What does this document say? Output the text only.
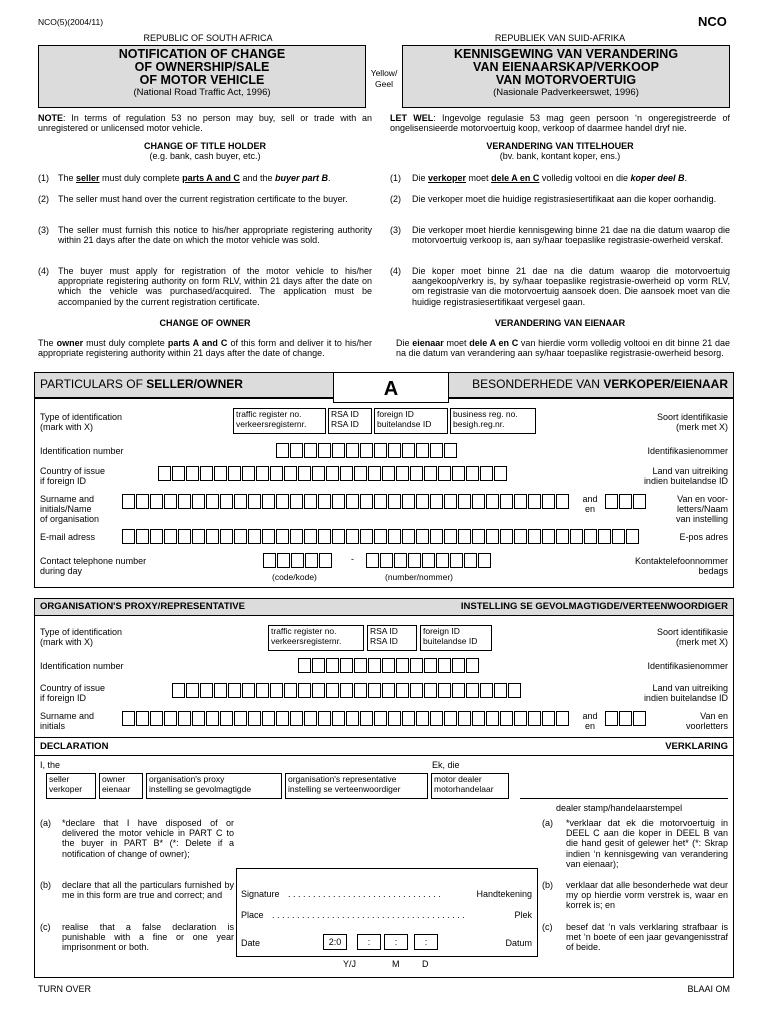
NCO(5)(2004/11)	NCO
REPUBLIC OF SOUTH AFRICA	REPUBLIEK VAN SUID-AFRIKA
NOTIFICATION OF CHANGE
OF OWNERSHIP/SALE
OF MOTOR VEHICLE
(National Road Traffic Act, 1996)
Yellow/
Geel
KENNISGEWING VAN VERANDERING
VAN EIENAARSKAP/VERKOOP
VAN MOTORVOERTUIG
(Nasionale Padverkeerswet, 1996)
NOTE: In terms of regulation 53 no person may buy, sell or trade with an unregistered or unlicensed motor vehicle.
LET WEL: Ingevolge regulasie 53 mag geen persoon ‘n ongeregistreerde of ongelisensieerde motorvoertuig koop, verkoop of daarmee handel dryf nie.
CHANGE OF TITLE HOLDER
(e.g. bank, cash buyer, etc.)
VERANDERING VAN TITELHOUER
(bv. bank, kontant koper, ens.)
(1) The seller must duly complete parts A and C and the buyer part B.
(2) The seller must hand over the current registration certificate to the buyer.
(3) The seller must furnish this notice to his/her appropriate registering authority within 21 days after the date on which the motor vehicle was sold.
(4) The buyer must apply for registration of the motor vehicle to his/her appropriate registering authority on form RLV, within 21 days after the date on which the vehicle was purchased/acquired. The application must be accompanied by the current registration certificate.
(1) Die verkoper moet dele A en C volledig voltooi en die koper deel B.
(2) Die verkoper moet die huidige registrasiesertifikaat aan die koper oorhandig.
(3) Die verkoper moet hierdie kennisgewing binne 21 dae na die datum waarop die motorvoertuig verkoop is, aan sy/haar toepaslike registrasie-owerheid verskaf.
(4) Die koper moet binne 21 dae na die datum waarop die motorvoertuig aangekoop/verkry is, by sy/haar toepaslike registrasie-owerheid op vorm RLV, om registrasie van die motorvoertuig aansoek doen. Die aansoek moet van die huidige registrasiesertifikaat vergesel gaan.
CHANGE OF OWNER	VERANDERING VAN EIENAAR
The owner must duly complete parts A and C of this form and deliver it to his/her appropriate registering authority within 21 days after the date of change.
Die eienaar moet dele A en C van hierdie vorm volledig voltooi en dit binne 21 dae na die datum van verandering aan sy/haar toepaslike registrasie-owerheid besorg.
PARTICULARS OF SELLER/OWNER	A	BESONDERHEDE VAN VERKOPER/EIENAAR
Type of identification
(mark with X)
Soort identifikasie
(merk met X)
traffic register no.
verkeersregisternr.
RSA ID
RSA ID
foreign ID
buitelandse ID
business reg. no.
besigh.reg.nr.
Identification number	Identifikasienommer
Country of issue
if foreign ID
Land van uitreiking
indien buitelandse ID
Surname and
initials/Name
of organisation
and
en
Van en voor-
letters/Naam
van instelling
E-mail adress	E-pos adres
Contact telephone number
during day
-
(code/kode)	(number/nommer)
Kontaktelefoonnommer
bedags
ORGANISATION'S PROXY/REPRESENTATIVE	INSTELLING SE GEVOLMAGTIGDE/VERTEENWOORDIGER
Type of identification
(mark with X)
Soort identifikasie
(merk met X)
traffic register no.
verkeersregisternr.
RSA ID
RSA ID
foreign ID
buitelandse ID
Identification number	Identifikasienommer
Country of issue
if foreign ID
Land van uitreiking
indien buitelandse ID
Surname and
initials
and
en
Van en
voorletters
DECLARATION	VERKLARING
I, the	Ek, die
seller
verkoper
owner
eienaar
organisation's proxy
instelling se gevolmagtigde
organisation's representative
instelling se verteenwoordiger
motor dealer
motorhandelaar
dealer stamp/handelaarstempel
(a) *declare that I have disposed of or delivered the motor vehicle in PART C to the buyer in PART B* (*: Delete if a notification of change of owner);
(b) declare that all the particulars furnished by me in this form are true and correct; and
(c) realise that a false declaration is punishable with a fine or one year imprisonment or both.
(a) *verklaar dat ek die motorvoertuig in DEEL C aan die koper in DEEL B van die hand gesit of gelewer het* (*: Skrap indien ‘n kennisgewing van verandering van eienaar);
(b) verklaar dat alle besonderhede wat deur my op hierdie vorm verstrek is, waar en korrek is; en
(c) besef dat ‘n vals verklaring strafbaar is met ‘n boete of een jaar gevangenisstraf of beide.
Signature . . . . . . . . . . . . . . . . . . . . . . . . . . . . . . .	Handtekening
Place . . . . . . . . . . . . . . . . . . . . . . . . . . . . . . . . . . . . . . .	Plek
Date	2:0	:	:	:	Datum
Y/J	M	D
TURN OVER	BLAAI OM
